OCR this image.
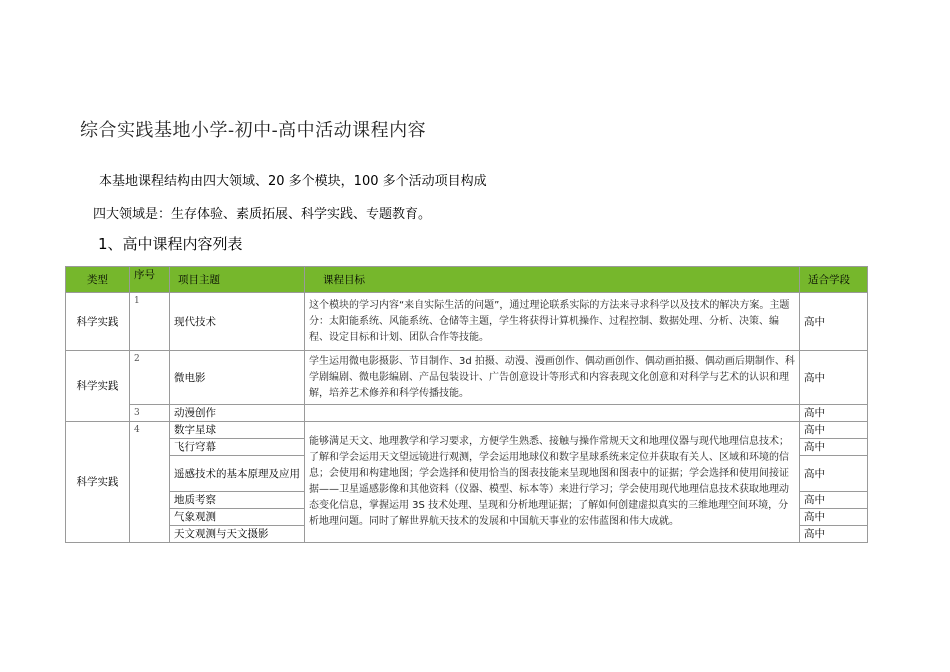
综合实践基地小学-初中-高中活动课程内容
本基地课程结构由四大领域、20 多个模块，100 多个活动项目构成
四大领域是：生存体验、素质拓展、科学实践、专题教育。
1、高中课程内容列表
类型	序号	项目主题	课程目标	适合学段
科学实践	1	现代技术	这个模块的学习内容“来自实际生活的问题”，通过理论联系实际的方法来寻求科学以及技术的解决方案。主题分：太阳能系统、风能系统、仓储等主题，学生将获得计算机操作、过程控制、数据处理、分析、决策、编程、设定目标和计划、团队合作等技能。	高中
科学实践	2	微电影	学生运用微电影摄影、节目制作、3d 拍摄、动漫、漫画创作、偶动画创作、偶动画拍摄、偶动画后期制作、科学剧编剧、微电影编剧、产品包装设计、广告创意设计等形式和内容表现文化创意和对科学与艺术的认识和理解，培养艺术修养和科学传播技能。	高中
	3	动漫创作		高中
科学实践	4	数字星球	能够满足天文、地理教学和学习要求，方便学生熟悉、接触与操作常规天文和地理仪器与现代地理信息技术；了解和学会运用天文望远镜进行观测，学会运用地球仪和数字星球系统来定位并获取有关人、区域和环境的信息；会使用和构建地图；学会选择和使用恰当的图表技能来呈现地图和图表中的证据；学会选择和使用间接证据——卫星遥感影像和其他资料（仪器、模型、标本等）来进行学习；学会使用现代地理信息技术获取地理动态变化信息，掌握运用 3S 技术处理、呈现和分析地理证据；了解如何创建虚拟真实的三维地理空间环境，分析地理问题。同时了解世界航天技术的发展和中国航天事业的宏伟蓝图和伟大成就。	高中
		飞行穹幕		高中
		遥感技术的基本原理及应用		高中
		地质考察		高中
		气象观测		高中
		天文观测与天文摄影		高中
